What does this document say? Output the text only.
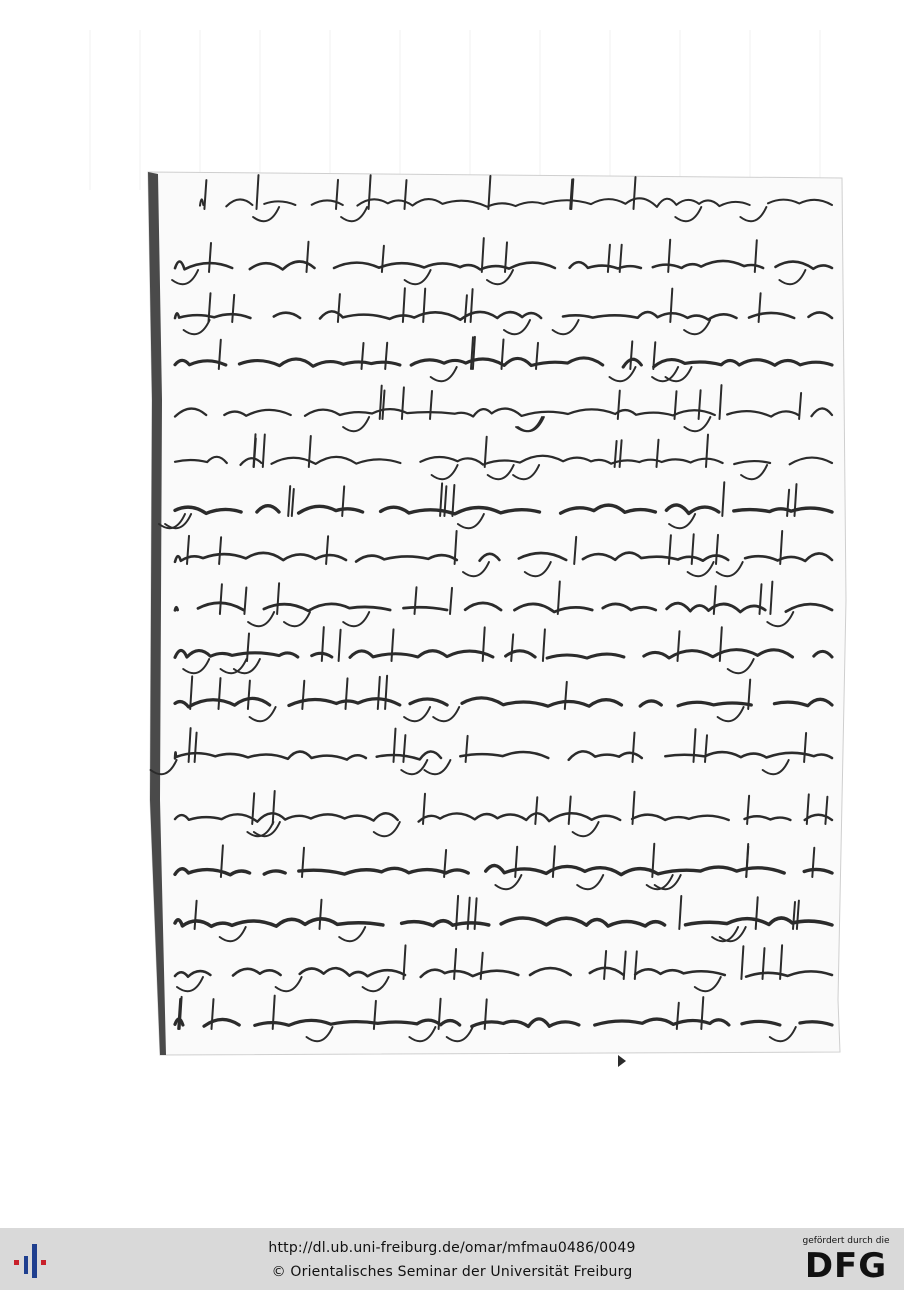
http://dl.ub.uni-freiburg.de/omar/mfmau0486/0049
© Orientalisches Seminar der Universität Freiburg
gefördert durch die
DFG
